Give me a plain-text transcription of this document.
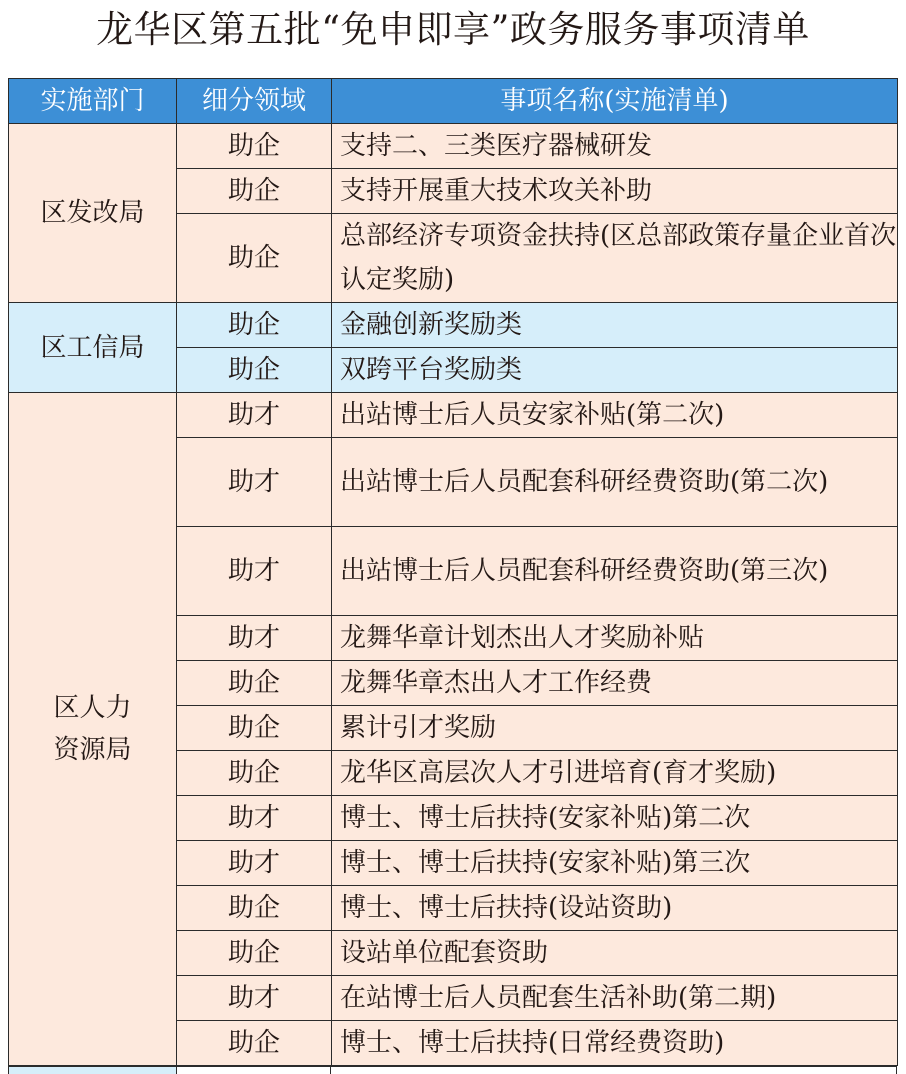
龙华区第五批“免申即享”政务服务事项清单
实施部门	细分领域	事项名称(实施清单)
区发改局	助企	支持二、三类医疗器械研发
	助企	支持开展重大技术攻关补助
	助企	总部经济专项资金扶持(区总部政策存量企业首次认定奖励)
区工信局	助企	金融创新奖励类
	助企	双跨平台奖励类

区人力资源局	助才	出站博士后人员安家补贴(第二次)
	助才	出站博士后人员配套科研经费资助(第二次)
	助才	出站博士后人员配套科研经费资助(第三次)
	助才	龙舞华章计划杰出人才奖励补贴
	助企	龙舞华章杰出人才工作经费
	助企	累计引才奖励
	助企	龙华区高层次人才引进培育(育才奖励)
	助才	博士、博士后扶持(安家补贴)第二次
	助才	博士、博士后扶持(安家补贴)第三次
	助企	博士、博士后扶持(设站资助)
	助企	设站单位配套资助
	助才	在站博士后人员配套生活补助(第二期)
	助企	博士、博士后扶持(日常经费资助)
